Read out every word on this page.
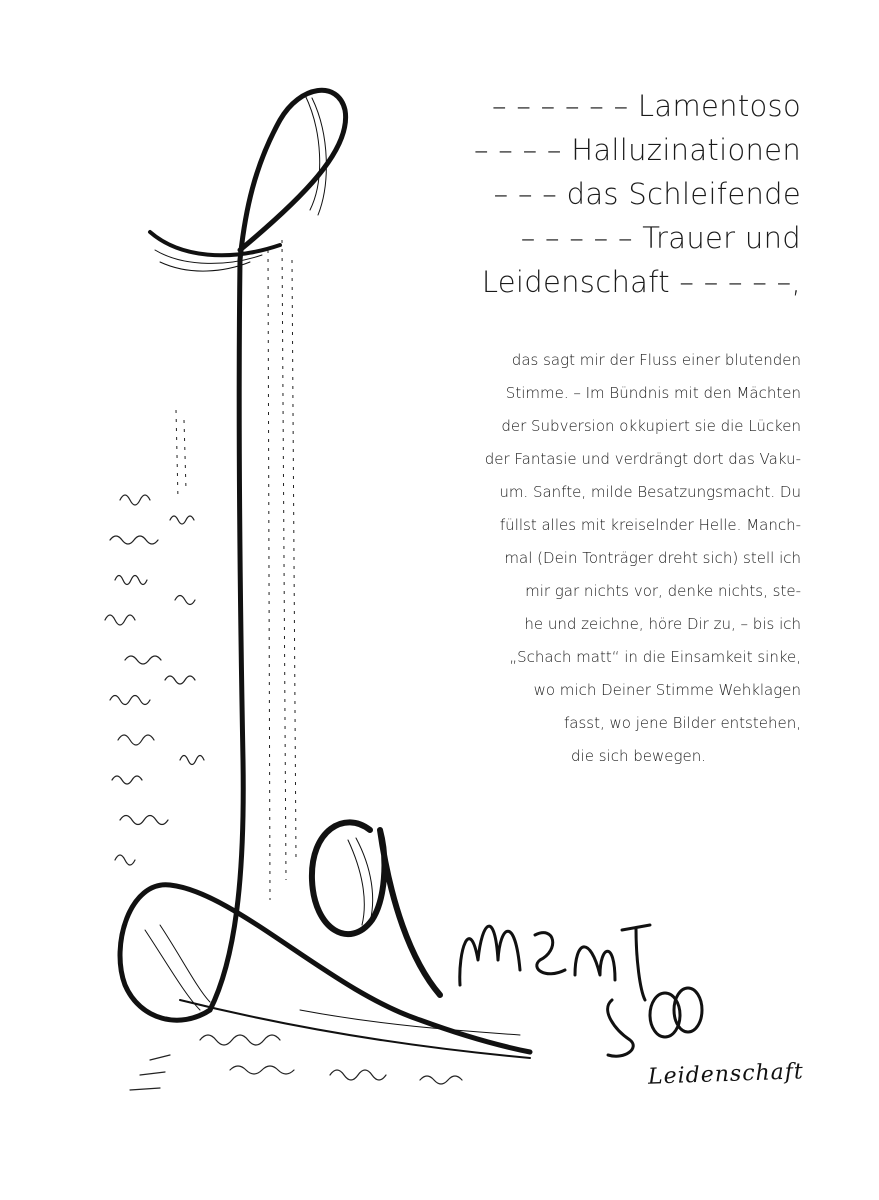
– – – – – – Lamentoso
– – – – Halluzinationen
– – – das Schleifende
– – – – – Trauer und
Leidenschaft – – – – –,
das sagt mir der Fluss einer blutenden
Stimme. – Im Bündnis mit den Mächten
der Subversion okkupiert sie die Lücken
der Fantasie und verdrängt dort das Vaku-
um. Sanfte, milde Besatzungsmacht. Du
füllst alles mit kreiselnder Helle. Manch-
mal (Dein Tonträger dreht sich) stell ich
mir gar nichts vor, denke nichts, ste-
he und zeichne, höre Dir zu, – bis ich
„Schach matt“ in die Einsamkeit sinke,
wo mich Deiner Stimme Wehklagen
fasst, wo jene Bilder entstehen,
die sich bewegen.
Leidenschaft
